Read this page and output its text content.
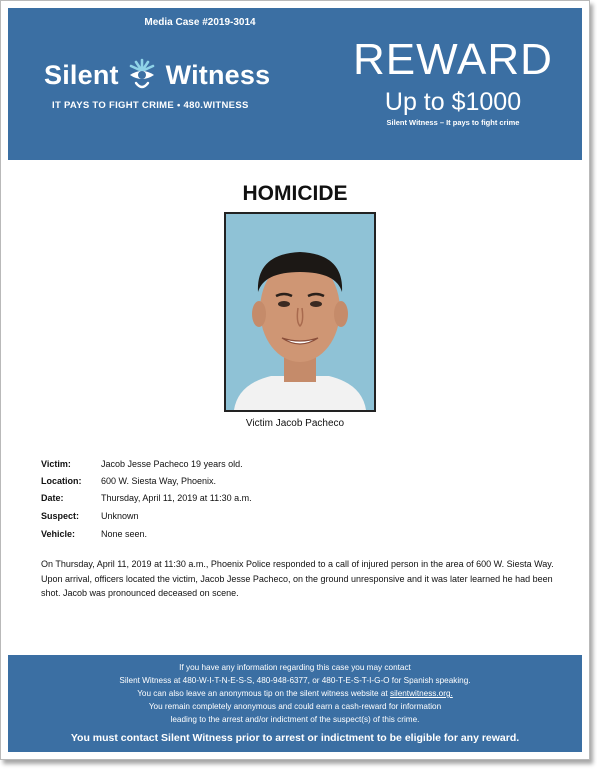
Media Case #2019-3014
Silent Witness
IT PAYS TO FIGHT CRIME • 480.WITNESS
REWARD
Up to $1000
Silent Witness – It pays to fight crime
HOMICIDE
Victim Jacob Pacheco
Victim:	Jacob Jesse Pacheco 19 years old.
Location: 600 W. Siesta Way, Phoenix.
Date:	Thursday, April 11, 2019 at 11:30 a.m.
Suspect: Unknown
Vehicle:	None seen.
On Thursday, April 11, 2019 at 11:30 a.m., Phoenix Police responded to a call of injured person in the area of 600 W. Siesta Way. Upon arrival, officers located the victim, Jacob Jesse Pacheco, on the ground unresponsive and it was later learned he had been shot. Jacob was pronounced deceased on scene.
If you have any information regarding this case you may contact
Silent Witness at 480-W-I-T-N-E-S-S, 480-948-6377, or 480-T-E-S-T-I-G-O for Spanish speaking.
You can also leave an anonymous tip on the silent witness website at silentwitness.org.
You remain completely anonymous and could earn a cash-reward for information
leading to the arrest and/or indictment of the suspect(s) of this crime.
You must contact Silent Witness prior to arrest or indictment to be eligible for any reward.
